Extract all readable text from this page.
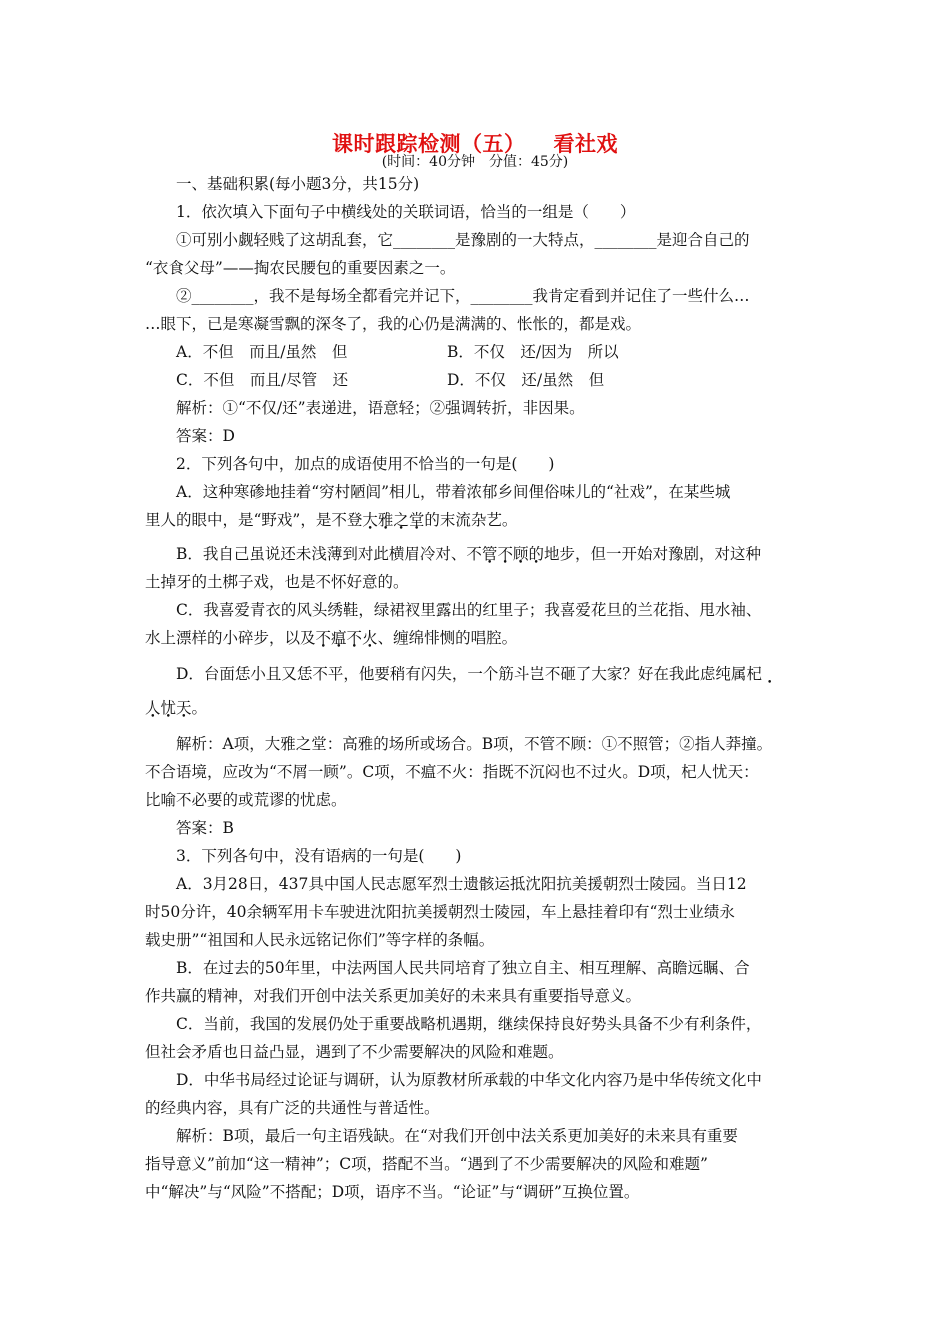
课时跟踪检测（五） 看社戏
(时间：40分钟　分值：45分)

一、基础积累(每小题3分，共15分)

1．依次填入下面句子中横线处的关联词语，恰当的一组是（　　）

①可别小觑轻贱了这胡乱套，它________是豫剧的一大特点，________是迎合自己的

“衣食父母”——掏农民腰包的重要因素之一。

②________，我不是每场全都看完并记下，________我肯定看到并记住了一些什么…

…眼下，已是寒凝雪飘的深冬了，我的心仍是满满的、怅怅的，都是戏。

A．不但　而且/虽然　但	B．不仅　还/因为　所以
C．不但　而且/尽管　还	D．不仅　还/虽然　但

解析：①“不仅/还”表递进，语意轻；②强调转折，非因果。

答案：D

2．下列各句中，加点的成语使用不恰当的一句是(　　)

A．这种寒碜地挂着“穷村陋闾”相儿，带着浓郁乡间俚俗味儿的“社戏”，在某些城

里人的眼中，是“野戏”，是不登大雅之堂的末流杂艺。

B．我自己虽说还未浅薄到对此横眉冷对、不管不顾的地步，但一开始对豫剧，对这种

土掉牙的土梆子戏，也是不怀好意的。

C．我喜爱青衣的风头绣鞋，绿裙衩里露出的红里子；我喜爱花旦的兰花指、甩水袖、

水上漂样的小碎步，以及不瘟不火、缠绵悱恻的唱腔。

D．台面恁小且又恁不平，他要稍有闪失，一个筋斗岂不砸了大家？好在我此虑纯属杞

人忧天。

解析：A项，大雅之堂：高雅的场所或场合。B项，不管不顾：①不照管；②指人莽撞。

不合语境，应改为“不屑一顾”。C项，不瘟不火：指既不沉闷也不过火。D项，杞人忧天：

比喻不必要的或荒谬的忧虑。

答案：B

3．下列各句中，没有语病的一句是(　　)

A．3月28日，437具中国人民志愿军烈士遗骸运抵沈阳抗美援朝烈士陵园。当日12

时50分许，40余辆军用卡车驶进沈阳抗美援朝烈士陵园，车上悬挂着印有“烈士业绩永

载史册”“祖国和人民永远铭记你们”等字样的条幅。

B．在过去的50年里，中法两国人民共同培育了独立自主、相互理解、高瞻远瞩、合

作共赢的精神，对我们开创中法关系更加美好的未来具有重要指导意义。

C．当前，我国的发展仍处于重要战略机遇期，继续保持良好势头具备不少有利条件，

但社会矛盾也日益凸显，遇到了不少需要解决的风险和难题。

D．中华书局经过论证与调研，认为原教材所承载的中华文化内容乃是中华传统文化中

的经典内容，具有广泛的共通性与普适性。

解析：B项，最后一句主语残缺。在“对我们开创中法关系更加美好的未来具有重要

指导意义”前加“这一精神”；C项，搭配不当。“遇到了不少需要解决的风险和难题”

中“解决”与“风险”不搭配；D项，语序不当。“论证”与“调研”互换位置。
